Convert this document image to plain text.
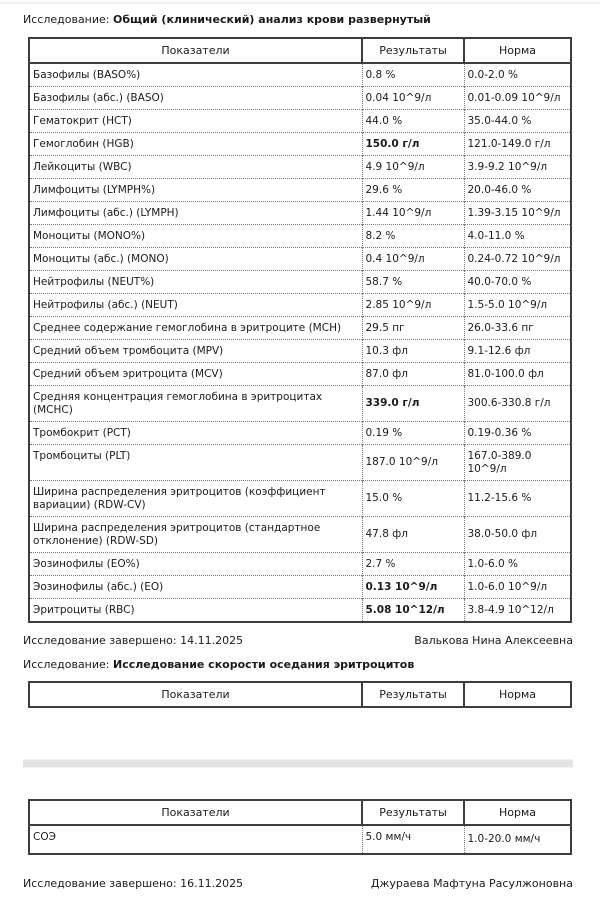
Исследование: Общий (клинический) анализ крови развернутый
Показатели	Результаты	Норма
Базофилы (BASO%)	0.8 %	0.0-2.0 %
Базофилы (абс.) (BASO)	0.04 10^9/л	0.01-0.09 10^9/л
Гематокрит (HCT)	44.0 %	35.0-44.0 %
Гемоглобин (HGB)	150.0 г/л	121.0-149.0 г/л
Лейкоциты (WBC)	4.9 10^9/л	3.9-9.2 10^9/л
Лимфоциты (LYMPH%)	29.6 %	20.0-46.0 %
Лимфоциты (абс.) (LYMPH)	1.44 10^9/л	1.39-3.15 10^9/л
Моноциты (MONO%)	8.2 %	4.0-11.0 %
Моноциты (абс.) (MONO)	0.4 10^9/л	0.24-0.72 10^9/л
Нейтрофилы (NEUT%)	58.7 %	40.0-70.0 %
Нейтрофилы (абс.) (NEUT)	2.85 10^9/л	1.5-5.0 10^9/л
Среднее содержание гемоглобина в эритроците (MCH)	29.5 пг	26.0-33.6 пг
Средний объем тромбоцита (MPV)	10.3 фл	9.1-12.6 фл
Средний объем эритроцита (MCV)	87.0 фл	81.0-100.0 фл
Средняя концентрация гемоглобина в эритроцитах (MCHC)	339.0 г/л	300.6-330.8 г/л
Тромбокрит (PCT)	0.19 %	0.19-0.36 %
Тромбоциты (PLT)	187.0 10^9/л	167.0-389.0 10^9/л
Ширина распределения эритроцитов (коэффициент вариации) (RDW-CV)	15.0 %	11.2-15.6 %
Ширина распределения эритроцитов (стандартное отклонение) (RDW-SD)	47.8 фл	38.0-50.0 фл
Эозинофилы (EO%)	2.7 %	1.0-6.0 %
Эозинофилы (абс.) (EO)	0.13 10^9/л	1.0-6.0 10^9/л
Эритроциты (RBC)	5.08 10^12/л	3.8-4.9 10^12/л
Исследование завершено: 14.11.2025	Валькова Нина Алексеевна
Исследование: Исследование скорости оседания эритроцитов
Показатели	Результаты	Норма
Показатели	Результаты	Норма
СОЭ	5.0 мм/ч	1.0-20.0 мм/ч
Исследование завершено: 16.11.2025	Джураева Мафтуна Расулжоновна
